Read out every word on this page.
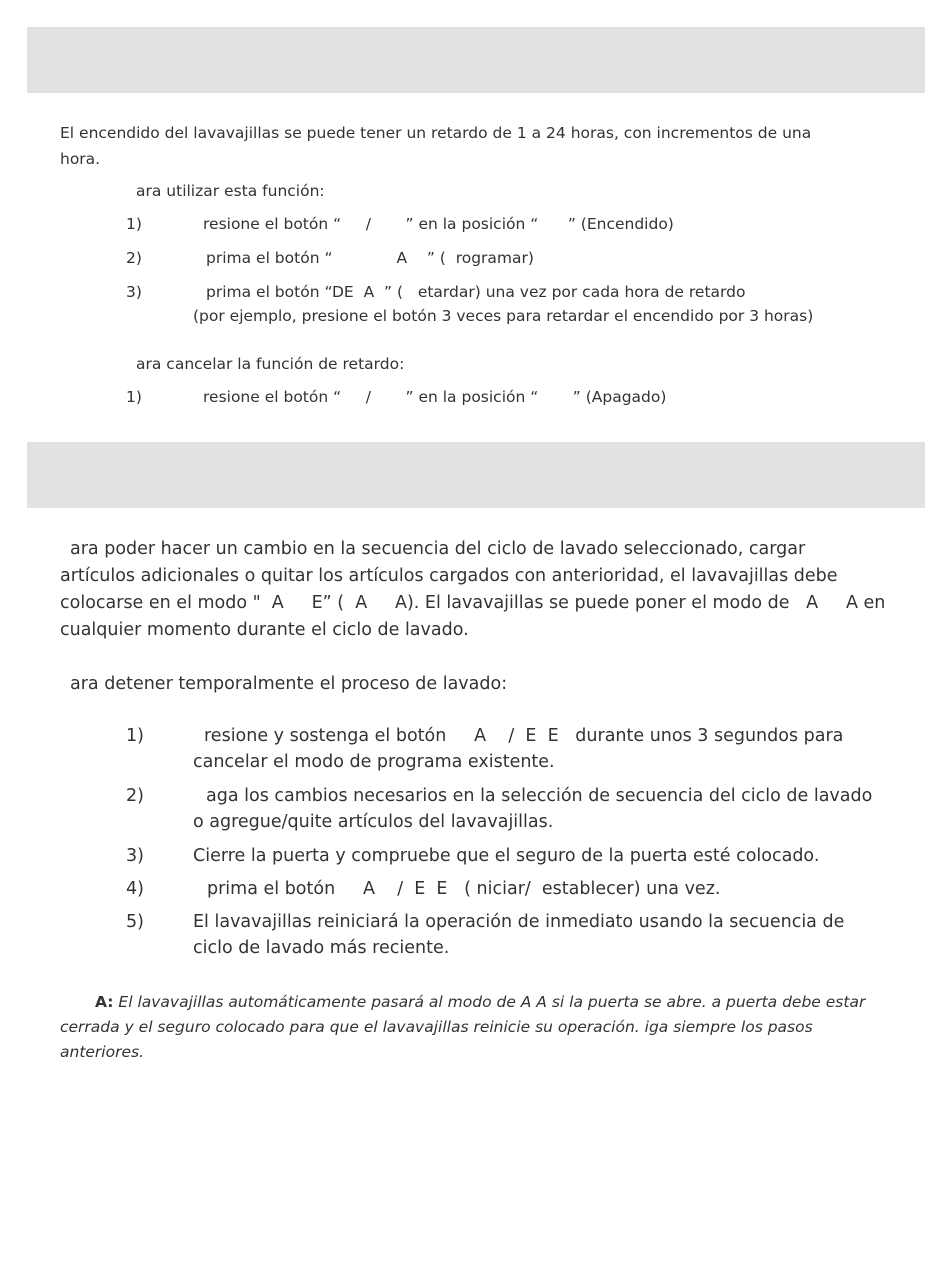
El encendido del lavavajillas se puede tener un retardo de 1 a 24 horas, con incrementos de una
hora.
ara utilizar esta función:
1)	resione el botón “     /       ” en la posición “      ” (Encendido)
2)	prima el botón “             A    ” (  rogramar)
3)	prima el botón “DE  A  ” (   etardar) una vez por cada hora de retardo
(por ejemplo, presione el botón 3 veces para retardar el encendido por 3 horas)
ara cancelar la función de retardo:
1)	resione el botón “     /       ” en la posición “       ” (Apagado)
ara poder hacer un cambio en la secuencia del ciclo de lavado seleccionado, cargar
artículos adicionales o quitar los artículos cargados con anterioridad, el lavavajillas debe
colocarse en el modo "  A     E” (  A     A). El lavavajillas se puede poner el modo de   A     A en
cualquier momento durante el ciclo de lavado.
ara detener temporalmente el proceso de lavado:
1)	resione y sostenga el botón     A    /  E  E   durante unos 3 segundos para
cancelar el modo de programa existente.
2)	aga los cambios necesarios en la selección de secuencia del ciclo de lavado
o agregue/quite artículos del lavavajillas.
3)	Cierre la puerta y compruebe que el seguro de la puerta esté colocado.
4)	prima el botón     A    /  E  E   ( niciar/  establecer) una vez.
5)	El lavavajillas reiniciará la operación de inmediato usando la secuencia de
ciclo de lavado más reciente.
A: El lavavajillas automáticamente pasará al modo de A A si la puerta se abre. a puerta debe estar cerrada y el seguro colocado para que el lavavajillas reinicie su operación. iga siempre los pasos anteriores.
